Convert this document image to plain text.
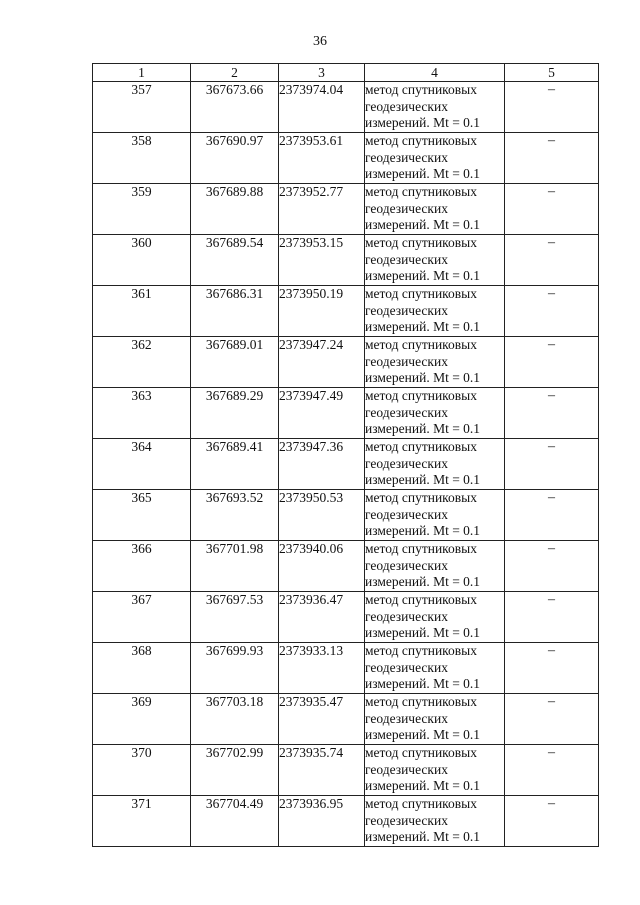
36
1	2	3	4	5
357	367673.66	2373974.04	метод спутниковых
геодезических
измерений. Mt = 0.1	–
358	367690.97	2373953.61	метод спутниковых
геодезических
измерений. Mt = 0.1	–
359	367689.88	2373952.77	метод спутниковых
геодезических
измерений. Mt = 0.1	–
360	367689.54	2373953.15	метод спутниковых
геодезических
измерений. Mt = 0.1	–
361	367686.31	2373950.19	метод спутниковых
геодезических
измерений. Mt = 0.1	–
362	367689.01	2373947.24	метод спутниковых
геодезических
измерений. Mt = 0.1	–
363	367689.29	2373947.49	метод спутниковых
геодезических
измерений. Mt = 0.1	–
364	367689.41	2373947.36	метод спутниковых
геодезических
измерений. Mt = 0.1	–
365	367693.52	2373950.53	метод спутниковых
геодезических
измерений. Mt = 0.1	–
366	367701.98	2373940.06	метод спутниковых
геодезических
измерений. Mt = 0.1	–
367	367697.53	2373936.47	метод спутниковых
геодезических
измерений. Mt = 0.1	–
368	367699.93	2373933.13	метод спутниковых
геодезических
измерений. Mt = 0.1	–
369	367703.18	2373935.47	метод спутниковых
геодезических
измерений. Mt = 0.1	–
370	367702.99	2373935.74	метод спутниковых
геодезических
измерений. Mt = 0.1	–
371	367704.49	2373936.95	метод спутниковых
геодезических
измерений. Mt = 0.1	–
